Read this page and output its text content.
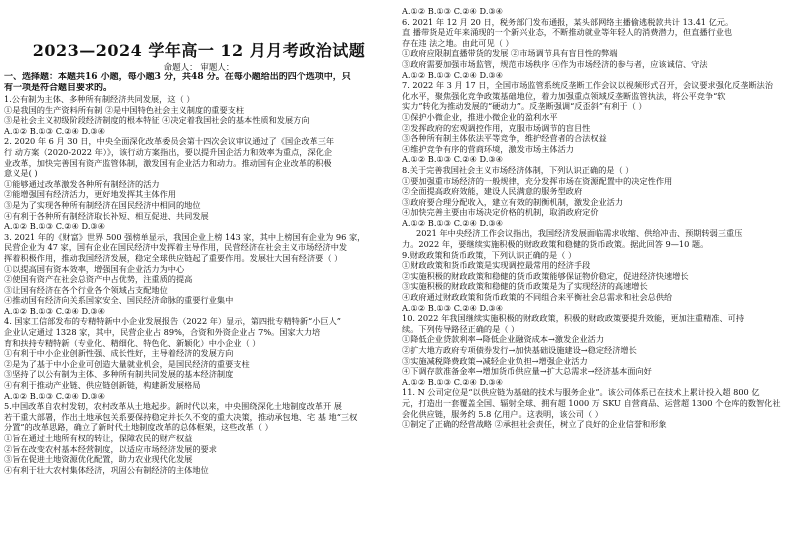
2023—2024 学年高一 12 月月考政治试题
命题人： 审题人：
一、选择题：本题共16 小题，每小题3 分，共48 分。在每小题给出的四个选项中，只
有一项是符合题目要求的。
1.公有制为主体、多种所有制经济共同发展，这（ ）
①是我国的生产资料所有制 ②是中国特色社会主义制度的重要支柱
③是社会主义初级阶段经济制度的根本特征 ④决定着我国社会的基本性质和发展方向
A.①② B.①③ C.②④ D.③④
2. 2020 年 6 月 30 日，中央全面深化改革委员会第十四次会议审议通过了《国企改革三年
行 动方案（2020-2022 年）》，该行动方案指出，要以提升国企活力和效率为重点，深化企
业改革，加快完善国有资产监管体制，激发国有企业活力和动力。推动国有企业改革的积极
意义是( )
①能够通过改革激发各种所有制经济的活力
②能增强国有经济活力，更好地发挥其主体作用
③是为了实现各种所有制经济在国民经济中相同的地位
④有利于各种所有制经济取长补短、相互促进、共同发展
A.①② B.①③ C.②④ D.③④
3. 2021 年的《财富》世界 500 强榜单显示，我国企业上榜 143 家，其中上榜国有企业为 96 家，
民营企业为 47 家，国有企业在国民经济中发挥着主导作用，民营经济在社会主义市场经济中发
挥着积极作用，推动我国经济发展，稳定全球供应链起了重要作用。发展壮大国有经济要（ ）
①以提高国有资本效率，增强国有企业活力为中心
②使国有资产在社会总资产中占优势，注重质的提高
③让国有经济在各个行业各个领域占支配地位
④推动国有经济向关系国家安全、国民经济命脉的重要行业集中
A.①② B.①③ C.②④ D.③④
4. 国家工信部发布的专精特新中小企业发展报告（2022 年）显示，第四批专精特新“小巨人”
企业认定通过 1328 家，其中，民营企业占 89%，合资和外资企业占 7%。国家大力培
育和扶持专精特新（专业化、精细化、特色化、新颖化）中小企业（ ）
①有利于中小企业创新性强、成长性好，主导着经济的发展方向
②是为了基于中小企业可创造大量就业机会，是国民经济的重要支柱
③坚持了以公有制为主体、多种所有制共同发展的基本经济制度
④有利于推动产业链、供应链创新链，构建新发展格局
A.①② B.①③ C.②④ D.③④
5.中国改革自农村发轫，农村改革从土地起步。新时代以来，中央围绕深化土地制度改革开 展
若干重大部署，作出土地承包关系要保持稳定并长久不变的重大决策，推动承包地、宅 基 地“三权
分置”的改革思路，确立了新时代土地制度改革的总体框架，这些改革（ ）
①旨在通过土地所有权的转让，保障农民的财产权益
②旨在改变农村基本经营制度，以适应市场经济发展的要求
③旨在促进土地资源优化配置，助力农业现代化发展
④有利于壮大农村集体经济，巩固公有制经济的主体地位
A.①② B.①③ C.②④ D.③④
6. 2021 年 12 月 20 日，税务部门发布通报，某头部网络主播偷逃税款共计 13.41 亿元。
直 播带货是近年来涌现的一个新兴业态，不断推动就业等年轻人的消费潜力，但直播行业也
存在违 法之地。由此可见（ ）
①政府应限制直播带货的发展 ②市场调节具有盲目性的弊端
③政府需要加强市场监管，规范市场秩序 ④作为市场经济的参与者，应该诚信、守法
A.①② B.①③ C.②④ D.③④
7. 2022 年 3 月 17 日，全国市场监管系统反垄断工作会议以视频形式召开，会议要求强化反垄断法治
化水平，聚焦强化竞争政策基础地位，着力加强重点领域反垄断监管执法，将公平竞争“软
实力”转化为推动发展的“硬动力”。反垄断强调“反歪斜”有利于（ ）
①保护小微企业，推进小微企业的盈利水平
②发挥政府的宏观调控作用，克服市场调节的盲目性
③各种所有制主体依法平等竞争，维护经营者的合法权益
④维护竞争有序的营商环境，激发市场主体活力
A.①② B.①③ C.②④ D.③④
8.关于完善我国社会主义市场经济体制，下列认识正确的是（ ）
①要加强重市场经济的一般规律，充分发挥市场在资源配置中的决定性作用
②全面提高政府效能，建设人民满意的服务型政府
③政府要合理分配收入，建立有效的制衡机制，激发企业活力
④加快完善主要由市场决定价格的机制，取消政府定价
A.①② B.①③ C.②④ D.③④
2021 年中央经济工作会议指出，我国经济发展面临需求收缩、供给冲击、预期转弱三重压
力。2022 年，要继续实施积极的财政政策和稳健的货币政策。据此回答 9—10 题。
9.财政政策和货币政策，下列认识正确的是（ ）
①财政政策和货币政策是实现调控最常用的经济手段
②实施积极的财政政策和稳健的货币政策能够保证物价稳定，促进经济快速增长
③实施积极的财政政策和稳健的货币政策是为了实现经济的高速增长
④政府通过财政政策和货币政策的不同组合来平衡社会总需求和社会总供给
A.①② B.①③ C.②④ D.③④
10. 2022 年我国继续实施积极的财政政策，积极的财政政策要提升效能，更加注重精准、可持
续。下列传导路径正确的是（ ）
①降低企业贷款利率→降低企业融资成本→激发企业活力
②扩大地方政府专项债券发行→加快基础设施建设→稳定经济增长
③实施减税降费政策→减轻企业负担→增强企业活力
④下调存款准备金率→增加货币供应量→扩大总需求→经济基本面向好
A.①② B.①③ C.②④ D.③④
11. N 公司定位是“以供应链为基础的技术与服务企业”。该公司体系已在技术上累计投入超 800 亿
元，打造出一套覆盖全国、辐射全球、拥有超 1000 万 SKU 自营商品、运营超 1300 个仓库的数智化社
会化供应链，服务约 5.8 亿用户。这表明，该公司（ ）
①制定了正确的经营战略 ②承担社会责任，树立了良好的企业信誉和形象
